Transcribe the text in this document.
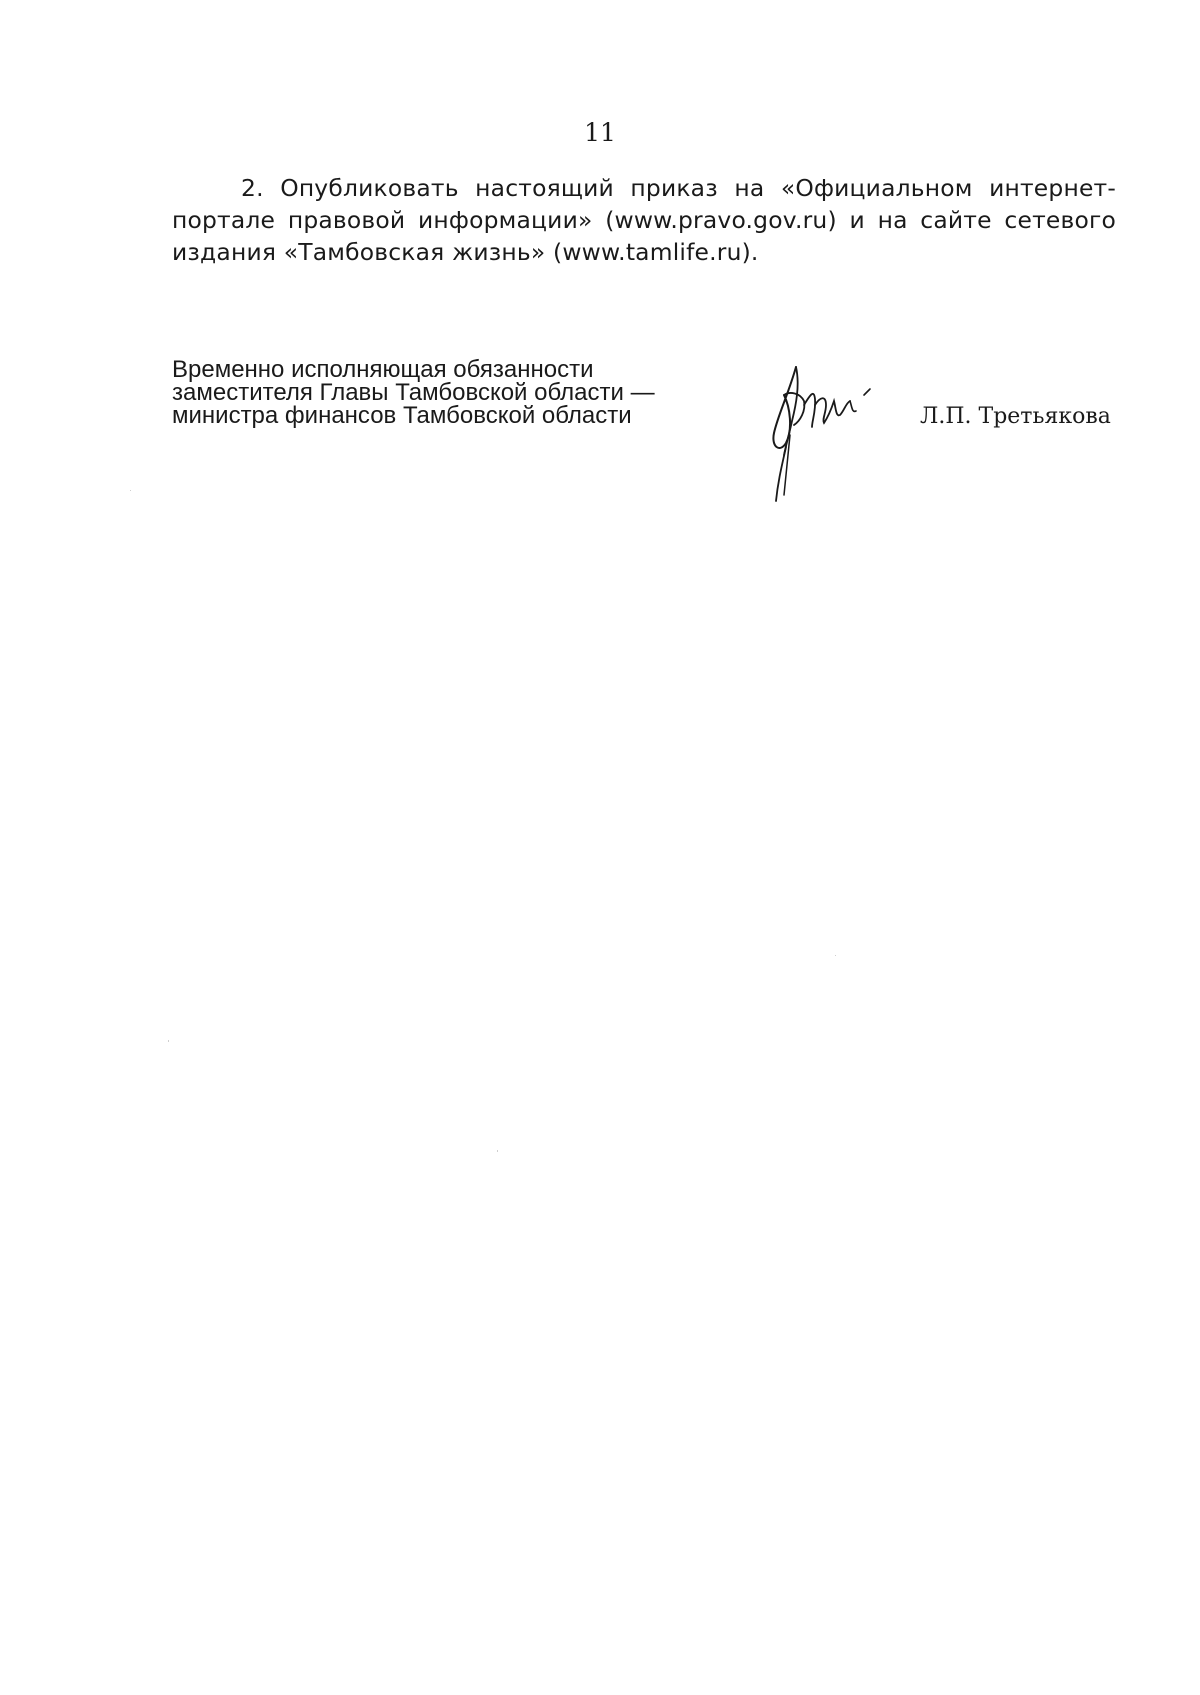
11

2. Опубликовать настоящий приказ на «Официальном интернет-портале правовой информации» (www.pravo.gov.ru) и на сайте сетевого издания «Тамбовская жизнь» (www.tamlife.ru).

Временно исполняющая обязанности
заместителя Главы Тамбовской области —
министра финансов Тамбовской области	Л.П. Третьякова
